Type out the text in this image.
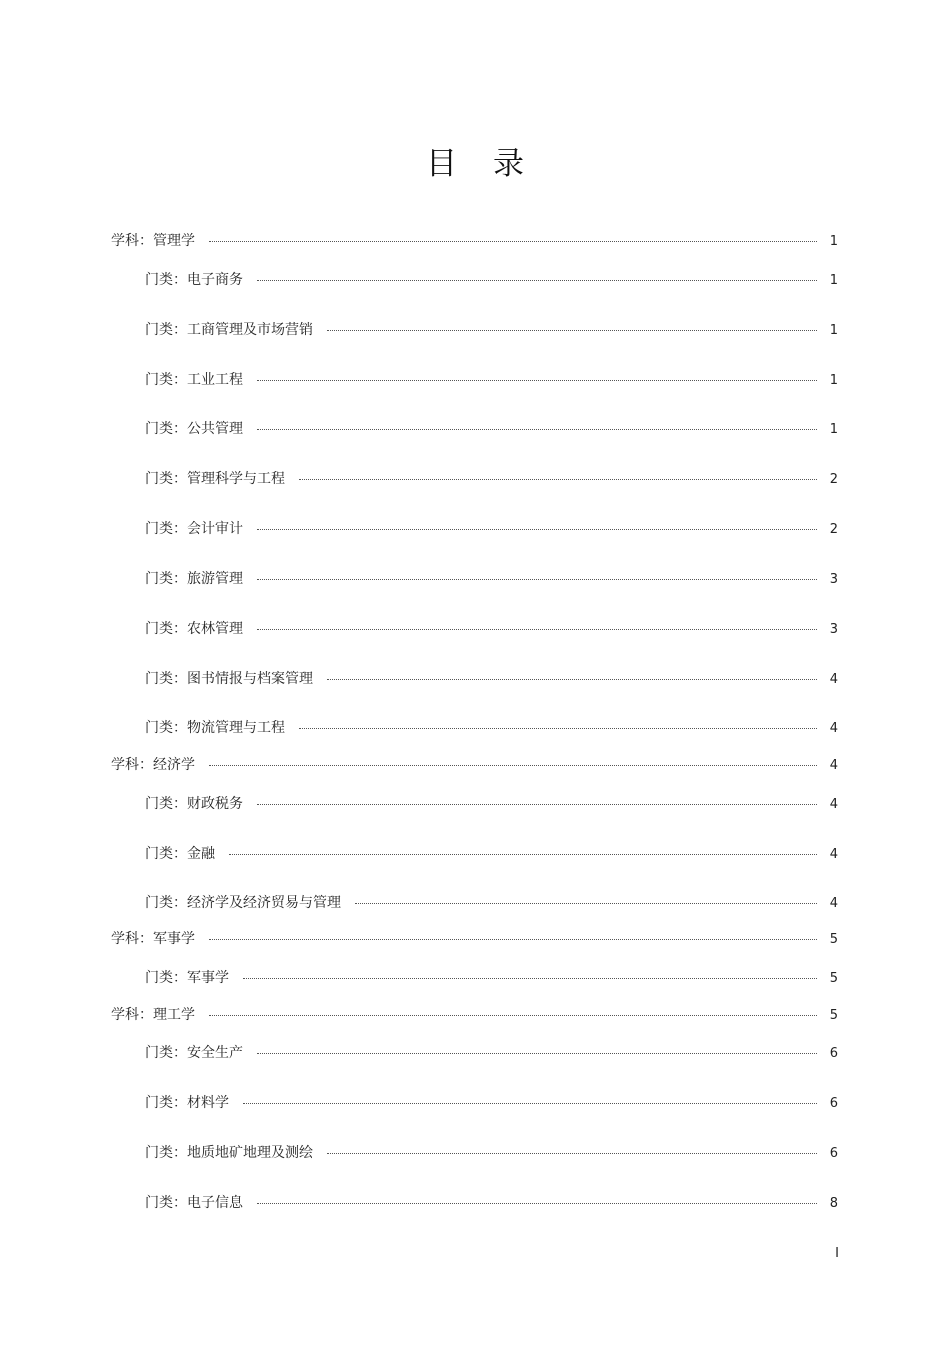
目录
学科：管理学	1
门类：电子商务	1
门类：工商管理及市场营销	1
门类：工业工程	1
门类：公共管理	1
门类：管理科学与工程	2
门类：会计审计	2
门类：旅游管理	3
门类：农林管理	3
门类：图书情报与档案管理	4
门类：物流管理与工程	4
学科：经济学	4
门类：财政税务	4
门类：金融	4
门类：经济学及经济贸易与管理	4
学科：军事学	5
门类：军事学	5
学科：理工学	5
门类：安全生产	6
门类：材料学	6
门类：地质地矿地理及测绘	6
门类：电子信息	8
I
